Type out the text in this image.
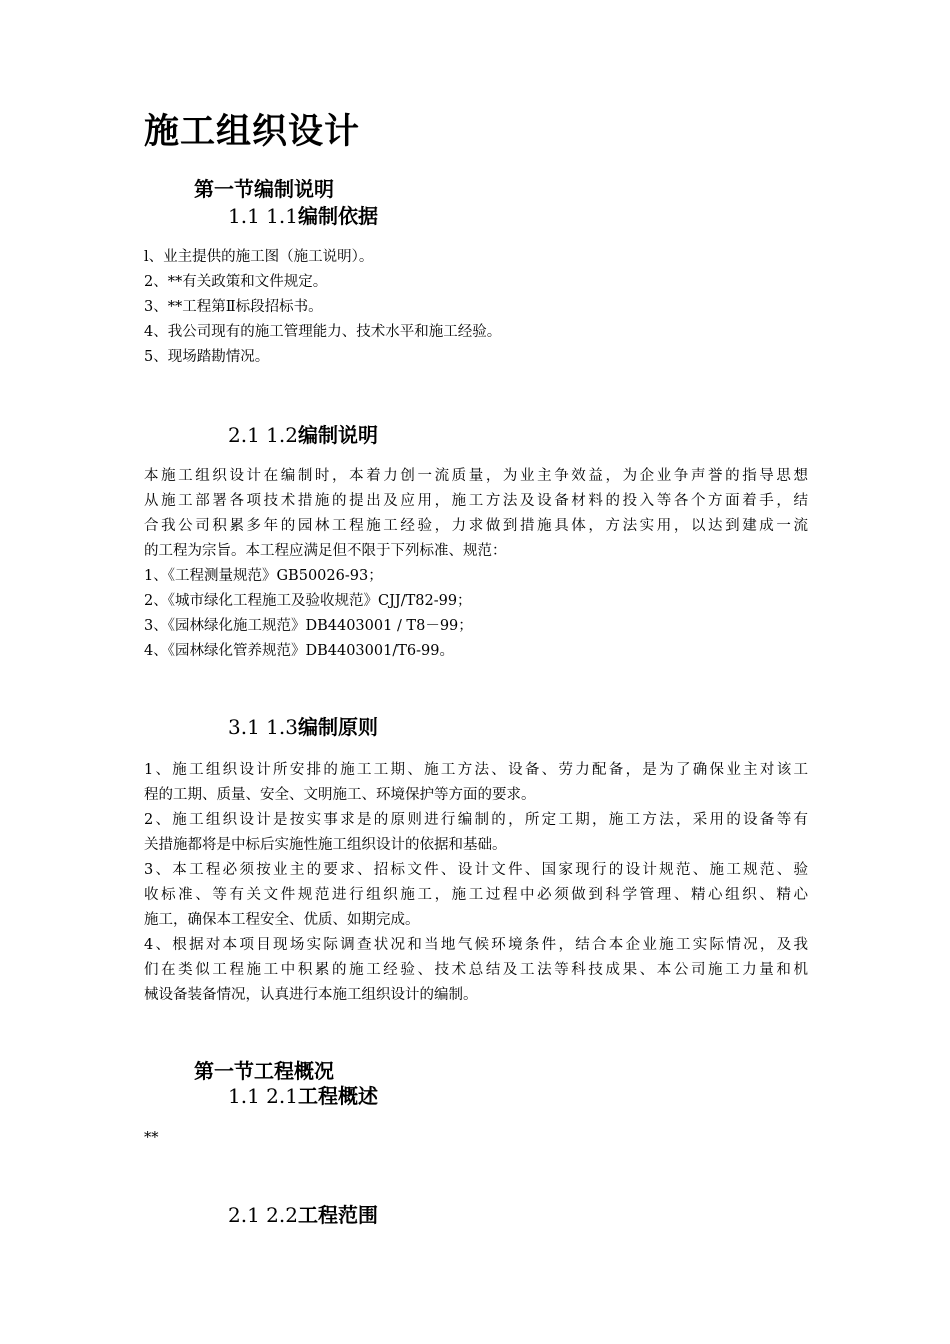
施工组织设计
第一节编制说明
1.1 1.1编制依据
l、业主提供的施工图（施工说明）。
2、**有关政策和文件规定。
3、**工程第Ⅱ标段招标书。
4、我公司现有的施工管理能力、技术水平和施工经验。
5、现场踏勘情况。
2.1 1.2编制说明
本施工组织设计在编制时，本着力创一流质量，为业主争效益，为企业争声誉的指导思想
从施工部署各项技术措施的提出及应用，施工方法及设备材料的投入等各个方面着手，结
合我公司积累多年的园林工程施工经验，力求做到措施具体，方法实用，以达到建成一流
的工程为宗旨。本工程应满足但不限于下列标准、规范：
1、《工程测量规范》GB50026-93；
2、《城市绿化工程施工及验收规范》CJJ/T82-99；
3、《园林绿化施工规范》DB4403001 / T8－99；
4、《园林绿化管养规范》DB4403001/T6-99。
3.1 1.3编制原则
1、施工组织设计所安排的施工工期、施工方法、设备、劳力配备，是为了确保业主对该工
程的工期、质量、安全、文明施工、环境保护等方面的要求。
2、施工组织设计是按实事求是的原则进行编制的，所定工期，施工方法，采用的设备等有
关措施都将是中标后实施性施工组织设计的依据和基础。
3、本工程必须按业主的要求、招标文件、设计文件、国家现行的设计规范、施工规范、验
收标准、等有关文件规范进行组织施工，施工过程中必须做到科学管理、精心组织、精心
施工，确保本工程安全、优质、如期完成。
4、根据对本项目现场实际调查状况和当地气候环境条件，结合本企业施工实际情况，及我
们在类似工程施工中积累的施工经验、技术总结及工法等科技成果、本公司施工力量和机
械设备装备情况，认真进行本施工组织设计的编制。
第一节工程概况
1.1 2.1工程概述
**
2.1 2.2工程范围
